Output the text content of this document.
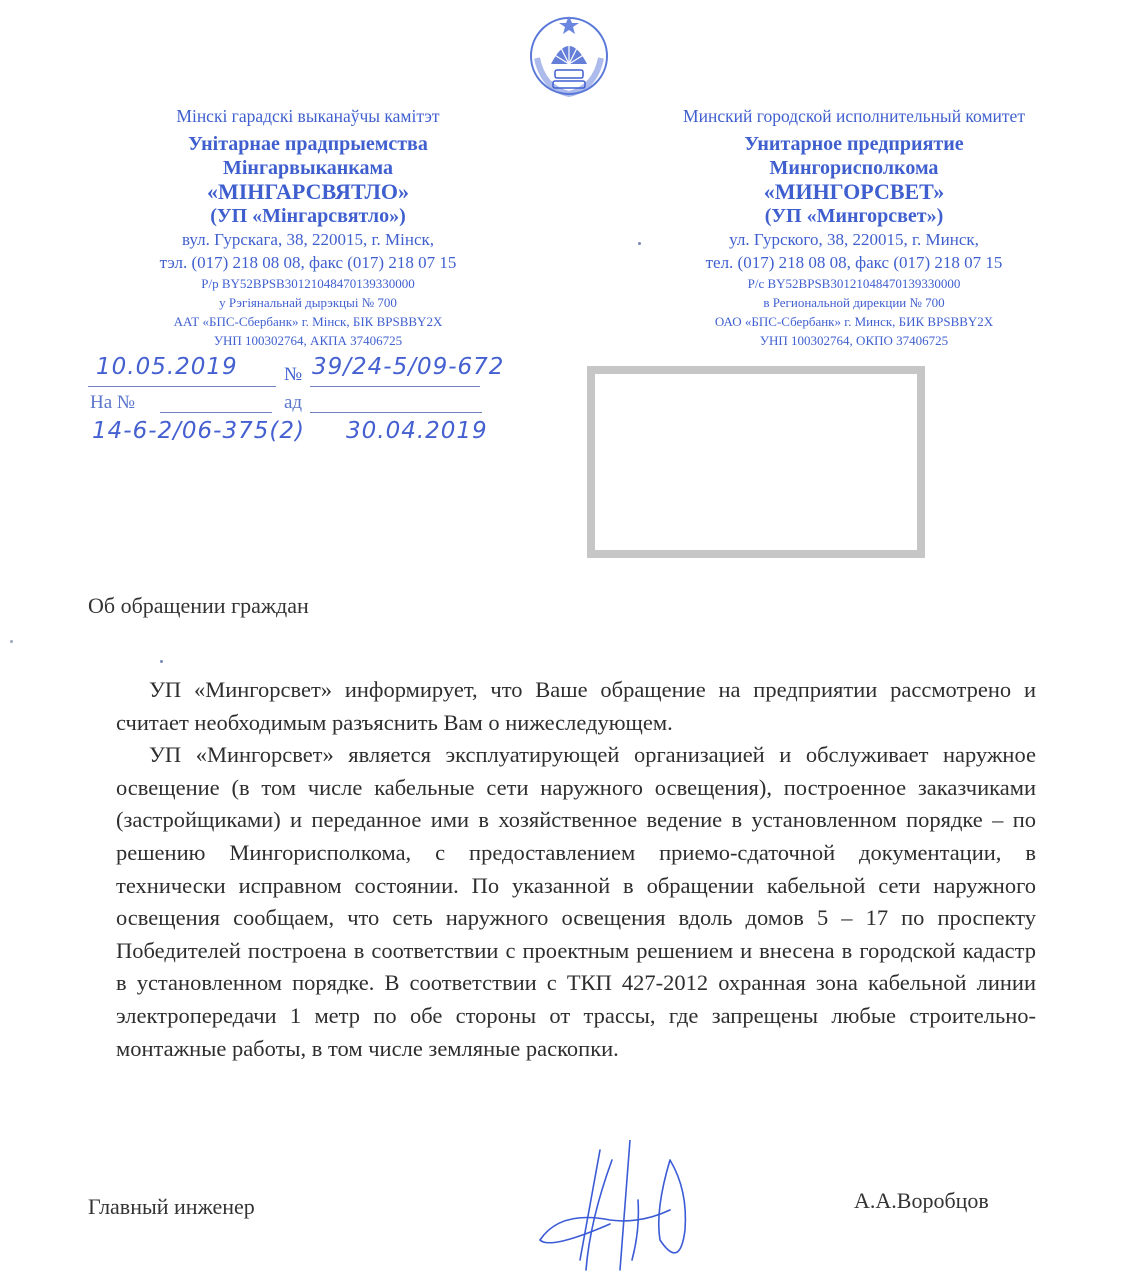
Мінскі гарадскі выканаўчы камітэт
Унітарнае прадпрыемства
Мінгарвыканкама
«МІНГАРСВЯТЛО»
(УП «Мінгарсвятло»)
вул. Гурскага, 38, 220015, г. Мінск,
тэл. (017) 218 08 08, факс (017) 218 07 15
Р/р BY52BPSB30121048470139330000
у Рэгіянальнай дырэкцыі № 700
ААТ «БПС-Сбербанк» г. Мінск, БІК BPSBBY2X
УНП 100302764, АКПА 37406725
Минский городской исполнительный комитет
Унитарное предприятие
Мингорисполкома
«МИНГОРСВЕТ»
(УП «Мингорсвет»)
ул. Гурского, 38, 220015, г. Минск,
тел. (017) 218 08 08, факс (017) 218 07 15
Р/с BY52BPSB30121048470139330000
в Региональной дирекции № 700
ОАО «БПС-Сбербанк» г. Минск, БИК BPSBBY2X
УНП 100302764, ОКПО 37406725
10.05.2019 № 39/24-5/09-672
На №	ад
14-6-2/06-375(2) 30.04.2019
Об обращении граждан

УП «Мингорсвет» информирует, что Ваше обращение на предприятии рассмотрено и считает необходимым разъяснить Вам о нижеследующем.

УП «Мингорсвет» является эксплуатирующей организацией и обслуживает наружное освещение (в том числе кабельные сети наружного освещения), построенное заказчиками (застройщиками) и переданное ими в хозяйственное ведение в установленном порядке – по решению Мингорисполкома, с предоставлением приемо-сдаточной документации, в технически исправном состоянии. По указанной в обращении кабельной сети наружного освещения сообщаем, что сеть наружного освещения вдоль домов 5 – 17 по проспекту Победителей построена в соответствии с проектным решением и внесена в городской кадастр в установленном порядке. В соответствии с ТКП 427-2012 охранная зона кабельной линии электропередачи 1 метр по обе стороны от трассы, где запрещены любые строительно-монтажные работы, в том числе земляные раскопки.

Главный инженер	А.А.Воробцов
